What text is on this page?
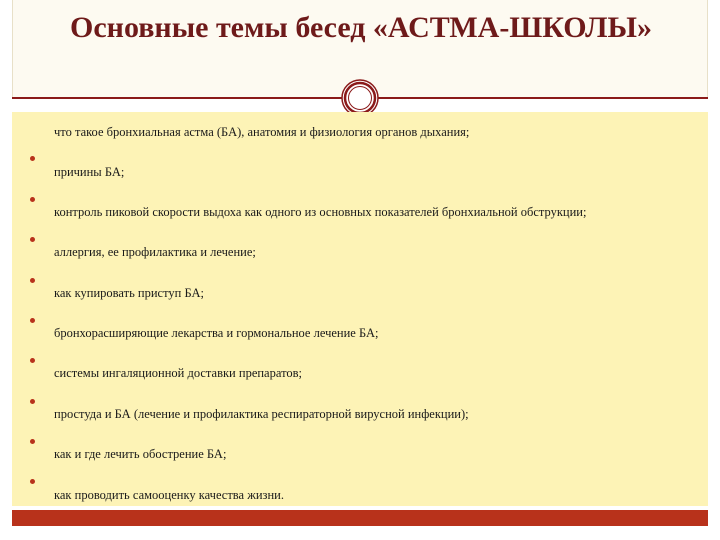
Основные темы бесед «АСТМА-ШКОЛЫ»
что такое бронхиальная астма (БА), анатомия и физиология органов дыхания;
причины БА;
контроль пиковой скорости выдоха как одного из основных показателей бронхиальной обструкции;
аллергия, ее профилактика и лечение;
как купировать приступ БА;
бронхорасширяющие лекарства и гормональное лечение БА;
системы ингаляционной доставки препаратов;
простуда и БА (лечение и профилактика респираторной вирусной инфекции);
как и где лечить обострение БА;
как проводить самооценку качества жизни.
